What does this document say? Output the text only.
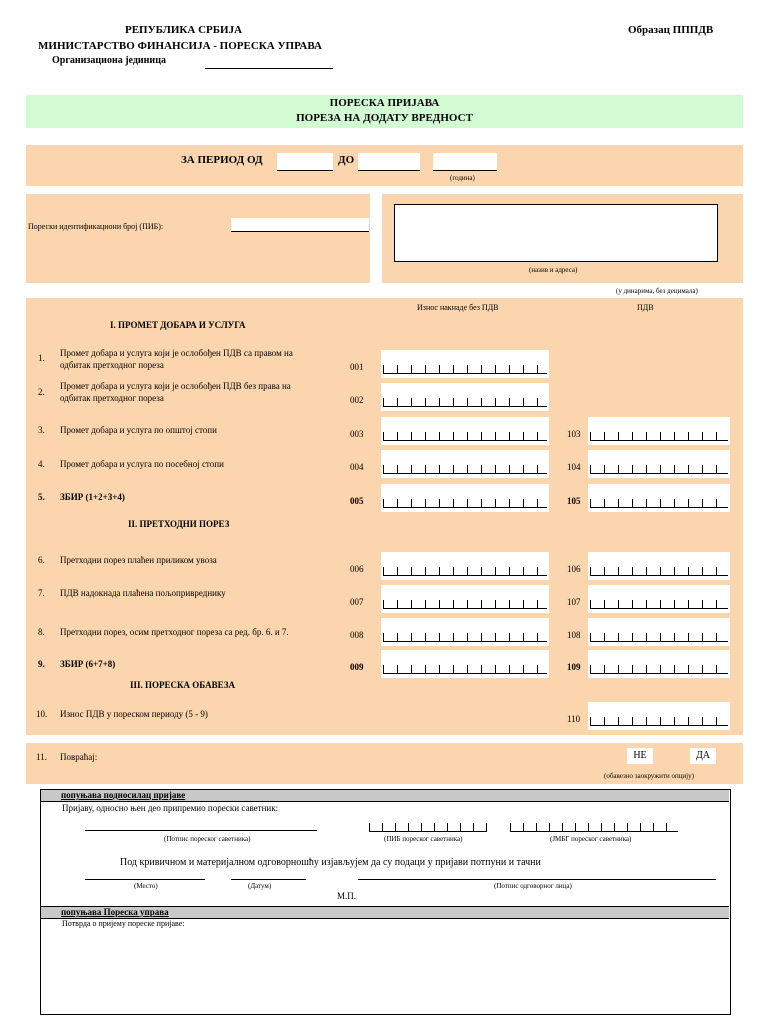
РЕПУБЛИКА СРБИЈА
МИНИСТАРСТВО ФИНАНСИЈА - ПОРЕСКА УПРАВА
Организациона јединица
Образац ПППДВ
ПОРЕСКА ПРИЈАВА
ПОРЕЗА НА ДОДАТУ ВРЕДНОСТ
ЗА ПЕРИОД ОД	ДО
(година)
Порески идентификациони број (ПИБ):
(назив и адреса)
(у динарима, без децимала)
Износ накнаде без ПДВ	ПДВ
I. ПРОМЕТ ДОБАРА И УСЛУГА
1. Промет добара и услуга који је ослобођен ПДВ са правом на
одбитак претходног пореза	001
2.
Промет добара и услуга који је ослобођен ПДВ без права на
одбитак претходног пореза	002
3. Промет добара и услуга по општој стопи	003	103
4. Промет добара и услуга по посебној стопи	004	104
5. ЗБИР (1+2+3+4)	005	105
II. ПРЕТХОДНИ ПОРЕЗ
6. Претходни порез плаћен приликом увоза
006	106
7. ПДВ надокнада плаћена пољопривреднику
007	107
8. Претходни порез, осим претходног пореза са ред. бр. 6. и 7.	008	108
9. ЗБИР (6+7+8)	009	109
III. ПОРЕСКА ОБАВЕЗА
10. Износ ПДВ у пореском периоду (5 - 9)	110
11. Повраћај:	НЕ	ДА
(обавезно заокружити опцију)
попуњава подносилац пријаве
Пријаву, односно њен део припремио порески саветник:
(Потпис пореског саветника)	(ПИБ пореског саветника)	(ЈМБГ пореског саветника)
Под кривичном и материјалном одговорношћу изјављујем да су подаци у пријави потпуни и тачни
(Место)	(Датум)	(Потпис одговорног лица)
М.П.
попуњава Пореска управа
Потврда о пријему пореске пријаве:
